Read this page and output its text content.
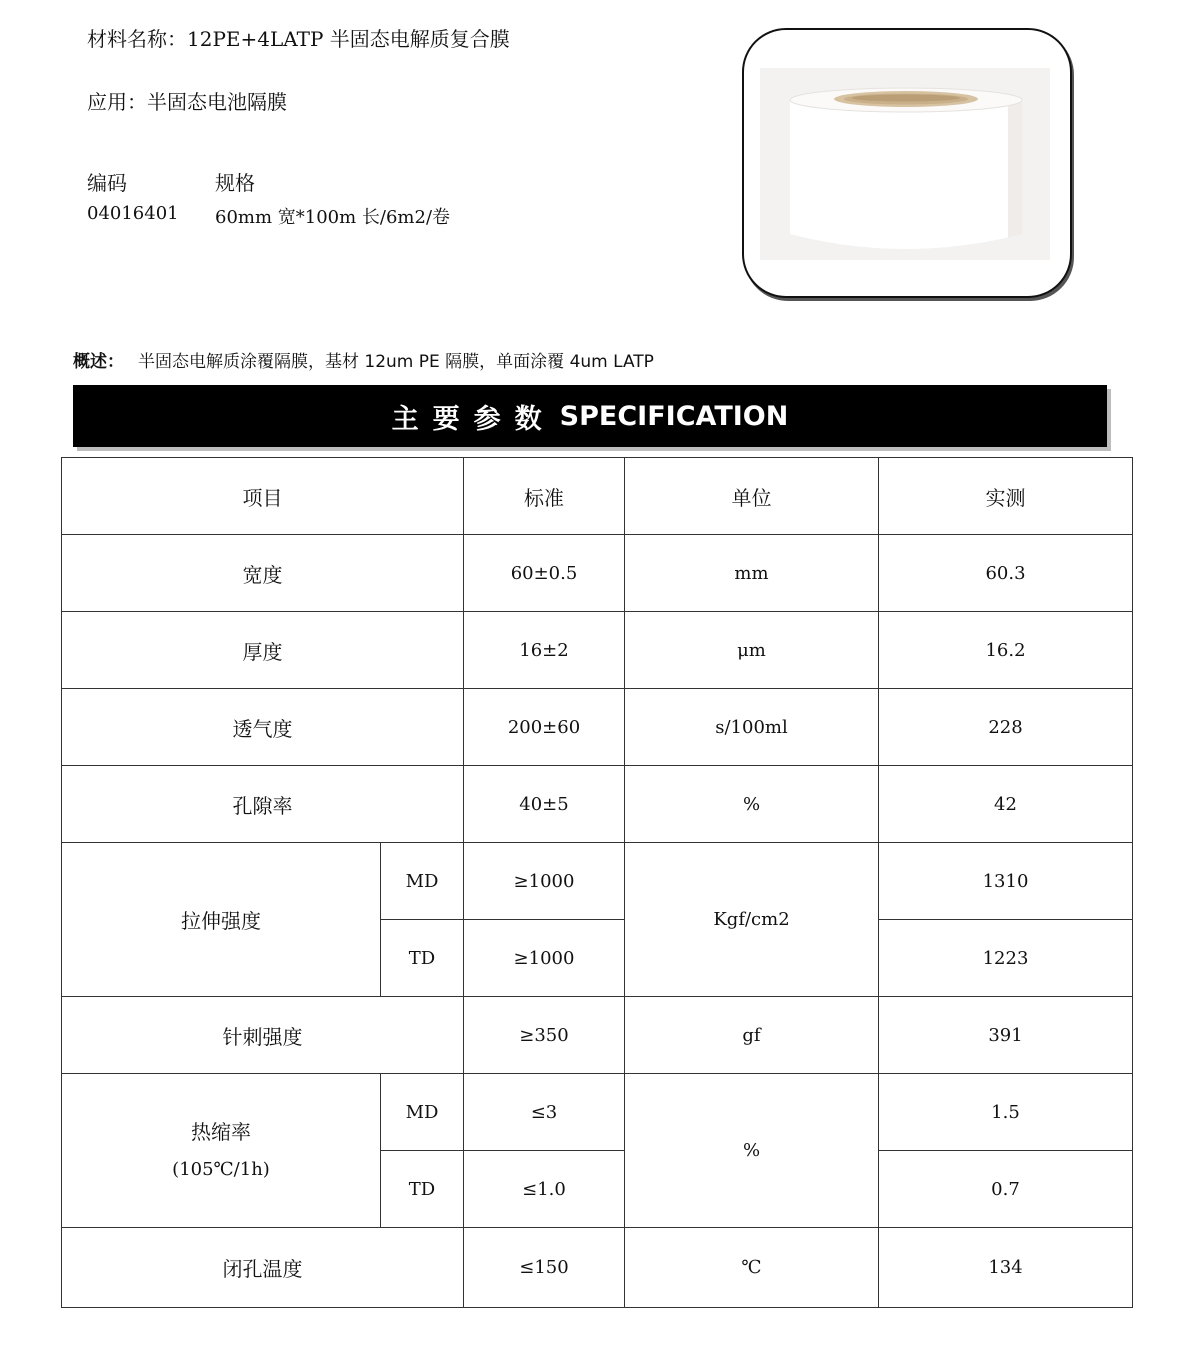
材料名称：12PE+4LATP 半固态电解质复合膜
应用：半固态电池隔膜
编码	规格
04016401 60mm 宽*100m 长/6m2/卷
概述： 半固态电解质涂覆隔膜，基材 12um PE 隔膜，单面涂覆 4um LATP
主要参数 SPECIFICATION
项目		标准	单位	实测
宽度		60±0.5	mm	60.3
厚度		16±2	μm	16.2
透气度		200±60	s/100ml	228
孔隙率		40±5	%	42
拉伸强度	MD	≥1000	Kgf/cm2	1310
	TD	≥1000		1223
针刺强度		≥350	gf	391
热缩率
(105℃/1h)	MD	≤3	%	1.5
	TD	≤1.0		0.7
闭孔温度		≤150	℃	134
